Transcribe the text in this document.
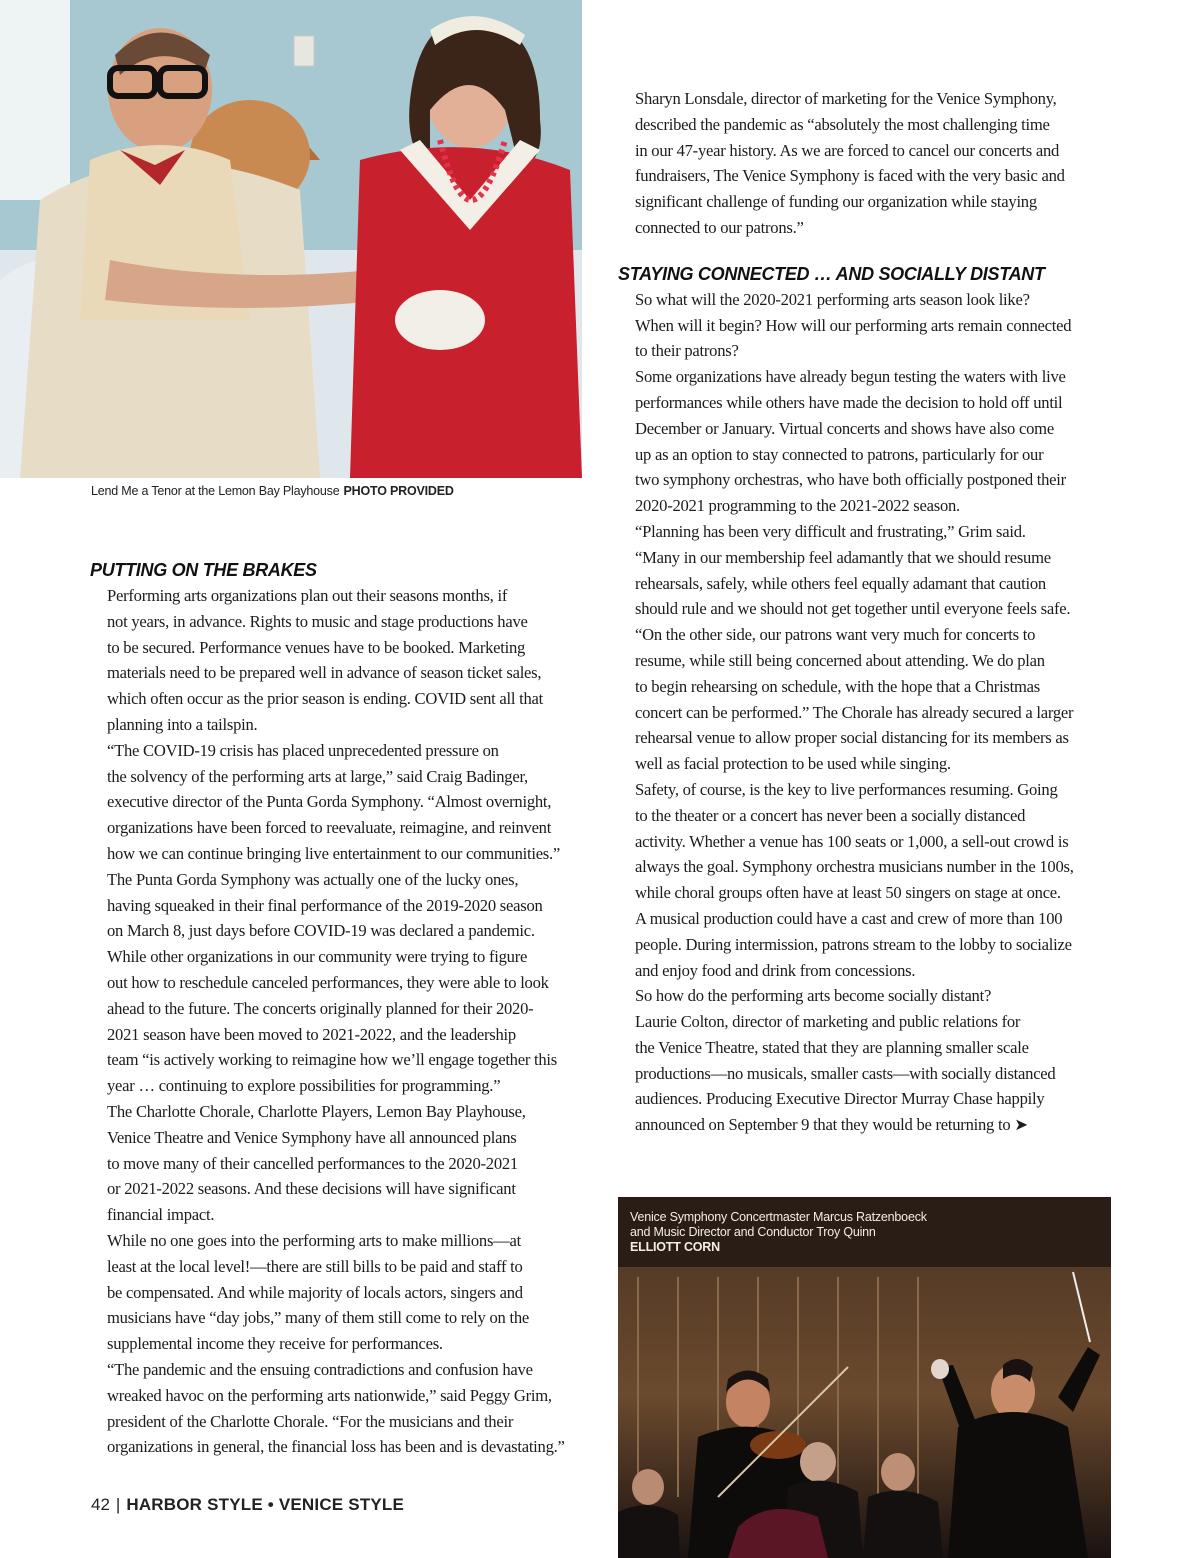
Lend Me a Tenor at the Lemon Bay Playhouse PHOTO PROVIDED
PUTTING ON THE BRAKES

Performing arts organizations plan out their seasons months, if
not years, in advance. Rights to music and stage productions have
to be secured. Performance venues have to be booked. Marketing
materials need to be prepared well in advance of season ticket sales,
which often occur as the prior season is ending. COVID sent all that
planning into a tailspin.

“The COVID-19 crisis has placed unprecedented pressure on
the solvency of the performing arts at large,” said Craig Badinger,
executive director of the Punta Gorda Symphony. “Almost overnight,
organizations have been forced to reevaluate, reimagine, and reinvent
how we can continue bringing live entertainment to our communities.”

The Punta Gorda Symphony was actually one of the lucky ones,
having squeaked in their final performance of the 2019-2020 season
on March 8, just days before COVID-19 was declared a pandemic.
While other organizations in our community were trying to figure
out how to reschedule canceled performances, they were able to look
ahead to the future. The concerts originally planned for their 2020-
2021 season have been moved to 2021-2022, and the leadership
team “is actively working to reimagine how we’ll engage together this
year … continuing to explore possibilities for programming.”

The Charlotte Chorale, Charlotte Players, Lemon Bay Playhouse,
Venice Theatre and Venice Symphony have all announced plans
to move many of their cancelled performances to the 2020-2021
or 2021-2022 seasons. And these decisions will have significant
financial impact.

While no one goes into the performing arts to make millions—at
least at the local level!—there are still bills to be paid and staff to
be compensated. And while majority of locals actors, singers and
musicians have “day jobs,” many of them still come to rely on the
supplemental income they receive for performances.

“The pandemic and the ensuing contradictions and confusion have
wreaked havoc on the performing arts nationwide,” said Peggy Grim,
president of the Charlotte Chorale. “For the musicians and their
organizations in general, the financial loss has been and is devastating.”

Sharyn Lonsdale, director of marketing for the Venice Symphony,
described the pandemic as “absolutely the most challenging time
in our 47-year history. As we are forced to cancel our concerts and
fundraisers, The Venice Symphony is faced with the very basic and
significant challenge of funding our organization while staying
connected to our patrons.”

STAYING CONNECTED … AND SOCIALLY DISTANT

So what will the 2020-2021 performing arts season look like?
When will it begin? How will our performing arts remain connected
to their patrons?

Some organizations have already begun testing the waters with live
performances while others have made the decision to hold off until
December or January. Virtual concerts and shows have also come
up as an option to stay connected to patrons, particularly for our
two symphony orchestras, who have both officially postponed their
2020-2021 programming to the 2021-2022 season.

“Planning has been very difficult and frustrating,” Grim said.
“Many in our membership feel adamantly that we should resume
rehearsals, safely, while others feel equally adamant that caution
should rule and we should not get together until everyone feels safe.

“On the other side, our patrons want very much for concerts to
resume, while still being concerned about attending. We do plan
to begin rehearsing on schedule, with the hope that a Christmas
concert can be performed.” The Chorale has already secured a larger
rehearsal venue to allow proper social distancing for its members as
well as facial protection to be used while singing.

Safety, of course, is the key to live performances resuming. Going
to the theater or a concert has never been a socially distanced
activity. Whether a venue has 100 seats or 1,000, a sell-out crowd is
always the goal. Symphony orchestra musicians number in the 100s,
while choral groups often have at least 50 singers on stage at once.
A musical production could have a cast and crew of more than 100
people. During intermission, patrons stream to the lobby to socialize
and enjoy food and drink from concessions.

So how do the performing arts become socially distant?

Laurie Colton, director of marketing and public relations for
the Venice Theatre, stated that they are planning smaller scale
productions—no musicals, smaller casts—with socially distanced
audiences. Producing Executive Director Murray Chase happily
announced on September 9 that they would be returning to ➤

Venice Symphony Concertmaster Marcus Ratzenboeck
and Music Director and Conductor Troy Quinn
ELLIOTT CORN
42 | HARBOR STYLE • VENICE STYLE
